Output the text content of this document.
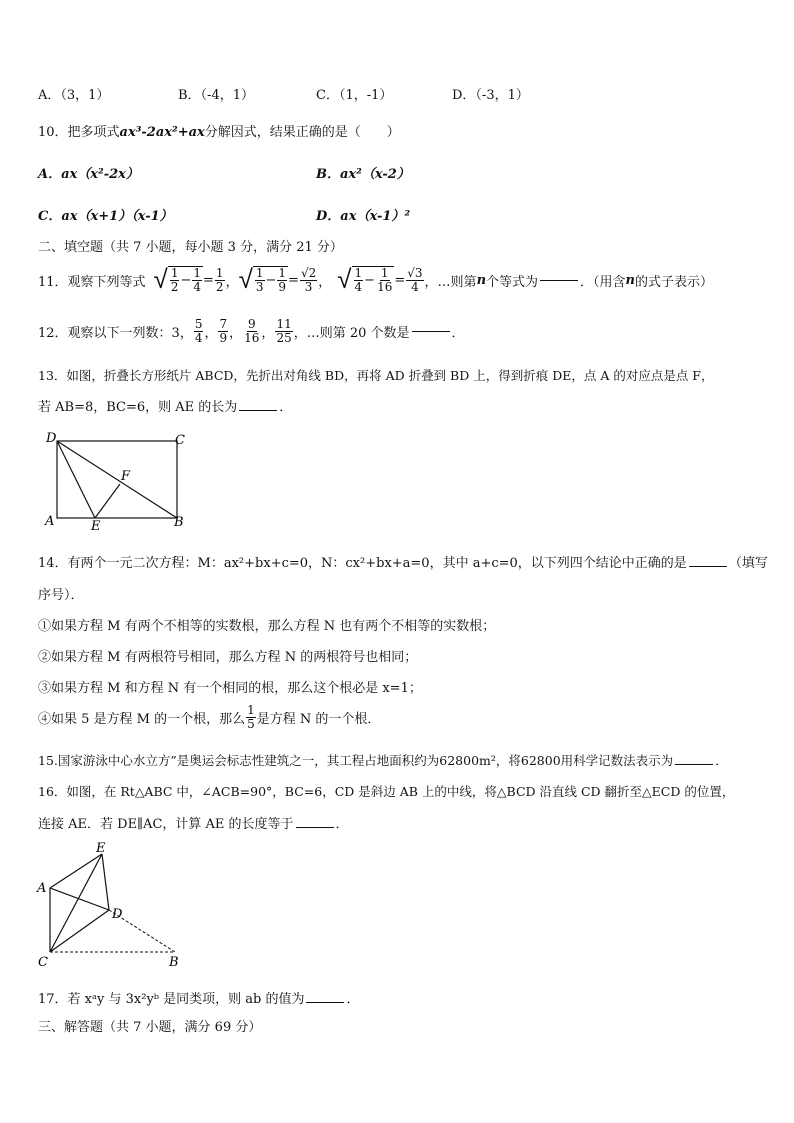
A．（3，1）	B．（-4，1）	C．（1，-1）	D．（-3，1）
10．把多项式ax³-2ax²+ax分解因式，结果正确的是（　　）
A．ax（x²-2x）	B．ax²（x-2）
C．ax（x+1）（x-1）	D．ax（x-1）²
二、填空题（共 7 小题，每小题 3 分，满分 21 分）
11．观察下列等式 √ $\frac{1}{2} - \frac{1}{4} = \frac{1}{2}$ ， √ $\frac{1}{3} - \frac{1}{9} = \frac{√2}{3}$ ， √ $\frac{1}{4} - \frac{1}{16} = \frac{√3}{4}$ ，…则第 n 个等式为	．（用含 n 的式子表示）
12．观察以下一列数：3， $\frac{5}{4}$ ， $\frac{7}{9}$ ， $\frac{9}{16}$ ， $\frac{11}{25}$ ，…则第 20 个数是	．
13．如图，折叠长方形纸片 ABCD，先折出对角线 BD，再将 AD 折叠到 BD 上，得到折痕 DE，点 A 的对应点是点 F，
若 AB=8，BC=6，则 AE 的长为	．
D	C
A	B
E
F
14．有两个一元二次方程：M：ax²+bx+c=0，N：cx²+bx+a=0，其中 a+c=0，以下列四个结论中正确的是	（填写
序号）．
①如果方程 M 有两个不相等的实数根，那么方程 N 也有两个不相等的实数根；
②如果方程 M 有两根符号相同，那么方程 N 的两根符号也相同；
③如果方程 M 和方程 N 有一个相同的根，那么这个根必是 x=1；
④如果 5 是方程 M 的一个根，那么 $\frac{1}{5}$ 是方程 N 的一个根．
15.国家游泳中心水立方”是奥运会标志性建筑之一，其工程占地面积约为62800m²，将62800用科学记数法表示为	．
16．如图，在 Rt△ABC 中，∠ACB=90°，BC=6，CD 是斜边 AB 上的中线，将△BCD 沿直线 CD 翻折至△ECD 的位置，
连接 AE．若 DE∥AC，计算 AE 的长度等于	．
E
A
D
C	B
17．若 xᵃy 与 3x²yᵇ 是同类项，则 ab 的值为	．
三、解答题（共 7 小题，满分 69 分）
